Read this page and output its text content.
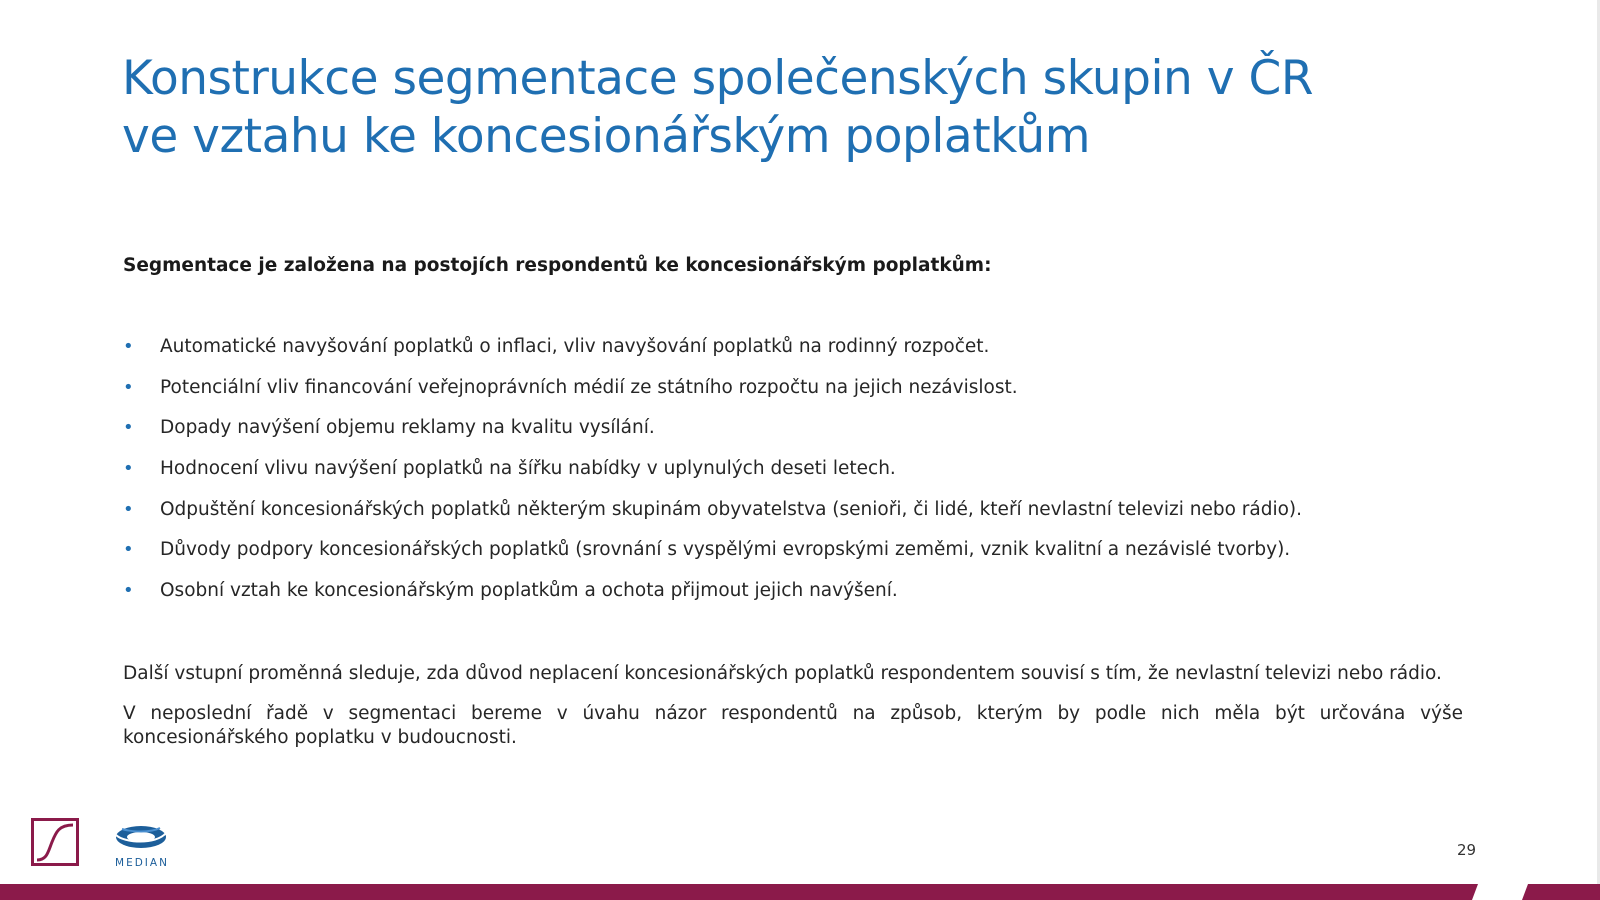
Konstrukce segmentace společenských skupin v ČR
ve vztahu ke koncesionářským poplatkům
Segmentace je založena na postojích respondentů ke koncesionářským poplatkům:
• Automatické navyšování poplatků o inflaci, vliv navyšování poplatků na rodinný rozpočet.
• Potenciální vliv financování veřejnoprávních médií ze státního rozpočtu na jejich nezávislost.
• Dopady navýšení objemu reklamy na kvalitu vysílání.
• Hodnocení vlivu navýšení poplatků na šířku nabídky v uplynulých deseti letech.
• Odpuštění koncesionářských poplatků některým skupinám obyvatelstva (senioři, či lidé, kteří nevlastní televizi nebo rádio).
• Důvody podpory koncesionářských poplatků (srovnání s vyspělými evropskými zeměmi, vznik kvalitní a nezávislé tvorby).
• Osobní vztah ke koncesionářským poplatkům a ochota přijmout jejich navýšení.
Další vstupní proměnná sleduje, zda důvod neplacení koncesionářských poplatků respondentem souvisí s tím, že nevlastní televizi nebo rádio.
V neposlední řadě v segmentaci bereme v úvahu názor respondentů na způsob, kterým by podle nich měla být určována výše koncesionářského poplatku v budoucnosti.
MEDIAN
29
